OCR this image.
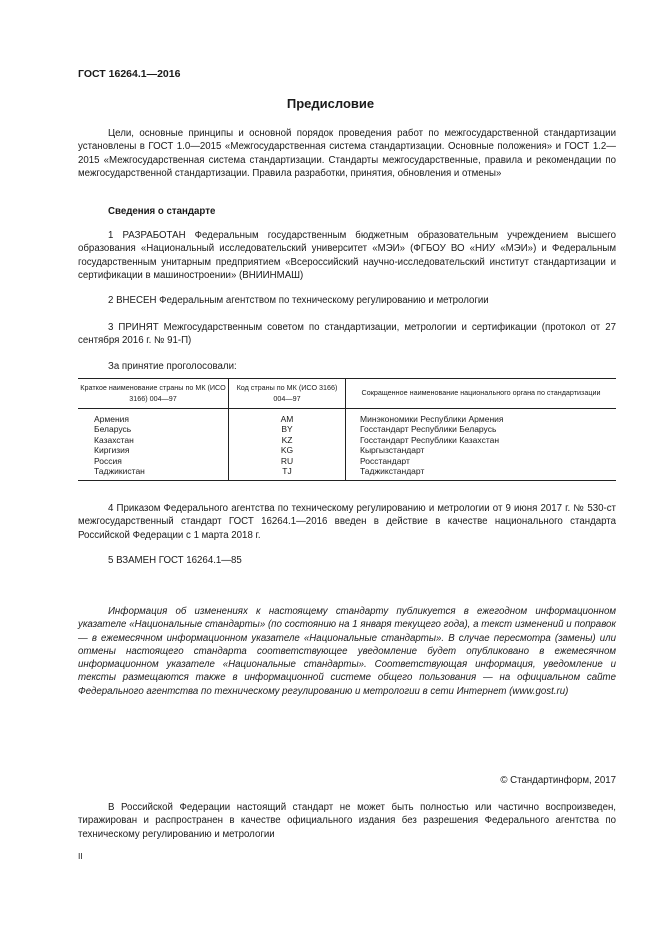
ГОСТ 16264.1—2016
Предисловие
Цели, основные принципы и основной порядок проведения работ по межгосударственной стандартизации установлены в ГОСТ 1.0—2015 «Межгосударственная система стандартизации. Основные положения» и ГОСТ 1.2—2015 «Межгосударственная система стандартизации. Стандарты межгосударственные, правила и рекомендации по межгосударственной стандартизации. Правила разработки, принятия, обновления и отмены»
Сведения о стандарте
1 РАЗРАБОТАН Федеральным государственным бюджетным образовательным учреждением высшего образования «Национальный исследовательский университет «МЭИ» (ФГБОУ ВО «НИУ «МЭИ») и Федеральным государственным унитарным предприятием «Всероссийский научно-исследовательский институт стандартизации и сертификации в машиностроении» (ВНИИНМАШ)
2 ВНЕСЕН Федеральным агентством по техническому регулированию и метрологии
3 ПРИНЯТ Межгосударственным советом по стандартизации, метрологии и сертификации (протокол от 27 сентября 2016 г. № 91-П)
За принятие проголосовали:
Краткое наименование страны по МК (ИСО 3166) 004—97	Код страны по МК (ИСО 3166) 004—97	Сокращенное наименование национального органа по стандартизации
Армения	AM	Минэкономики Республики Армения
Беларусь	BY	Госстандарт Республики Беларусь
Казахстан	KZ	Госстандарт Республики Казахстан
Киргизия	KG	Кыргызстандарт
Россия	RU	Росстандарт
Таджикистан	TJ	Таджикстандарт
4 Приказом Федерального агентства по техническому регулированию и метрологии от 9 июня 2017 г. № 530-ст межгосударственный стандарт ГОСТ 16264.1—2016 введен в действие в качестве национального стандарта Российской Федерации с 1 марта 2018 г.
5 ВЗАМЕН ГОСТ 16264.1—85
Информация об изменениях к настоящему стандарту публикуется в ежегодном информационном указателе «Национальные стандарты» (по состоянию на 1 января текущего года), а текст изменений и поправок — в ежемесячном информационном указателе «Национальные стандарты». В случае пересмотра (замены) или отмены настоящего стандарта соответствующее уведомление будет опубликовано в ежемесячном информационном указателе «Национальные стандарты». Соответствующая информация, уведомление и тексты размещаются также в информационной системе общего пользования — на официальном сайте Федерального агентства по техническому регулированию и метрологии в сети Интернет (www.gost.ru)
© Стандартинформ, 2017
В Российской Федерации настоящий стандарт не может быть полностью или частично воспроизведен, тиражирован и распространен в качестве официального издания без разрешения Федерального агентства по техническому регулированию и метрологии
II
